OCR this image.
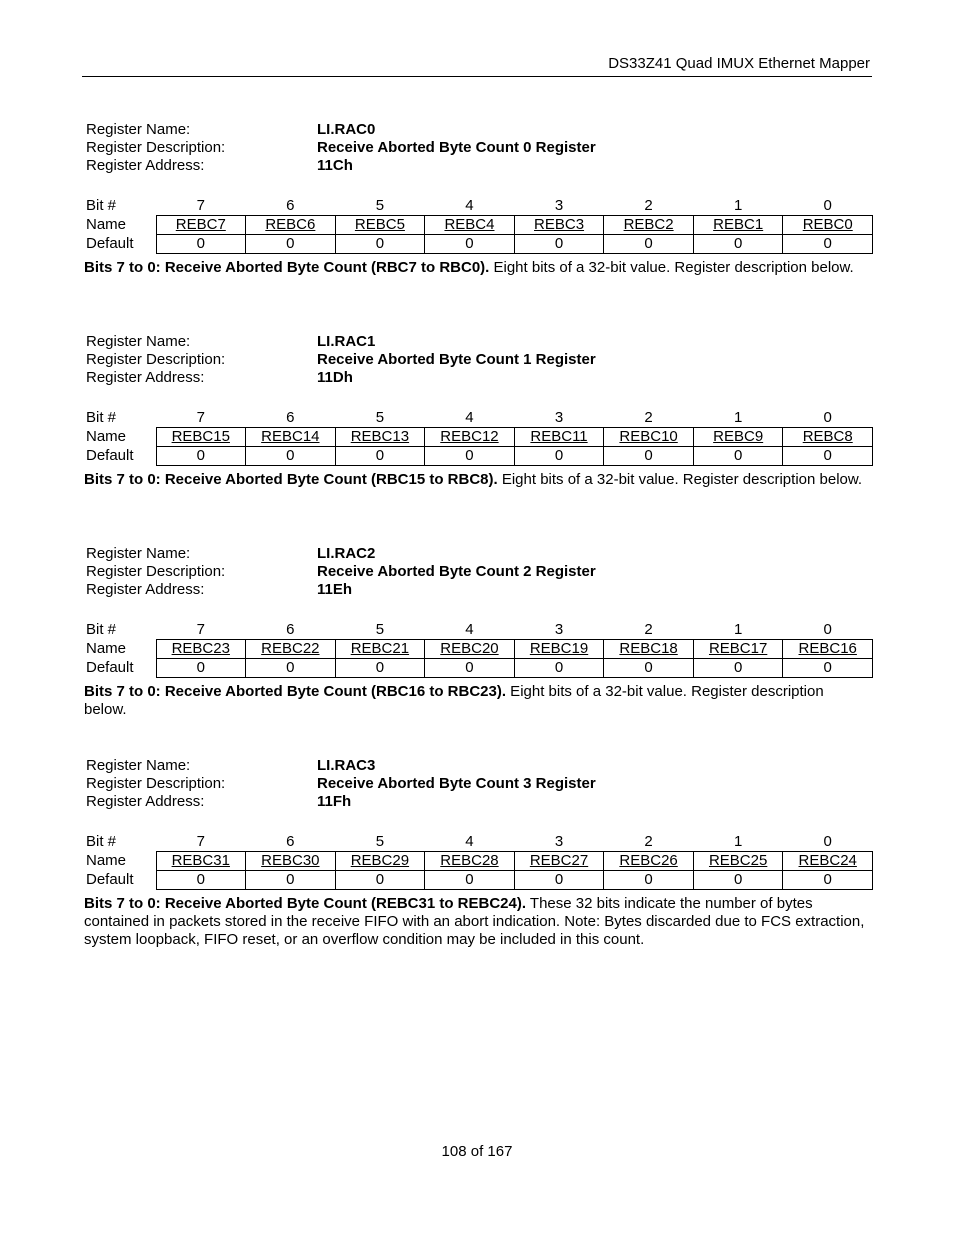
DS33Z41 Quad IMUX Ethernet Mapper
Register Name:	LI.RAC0
Register Description:	Receive Aborted Byte Count 0 Register
Register Address:	11Ch
Bit #	7	6	5	4	3	2	1	0
Name	REBC7	REBC6	REBC5	REBC4	REBC3	REBC2	REBC1	REBC0
Default	0	0	0	0	0	0	0	0
Bits 7 to 0: Receive Aborted Byte Count (RBC7 to RBC0). Eight bits of a 32-bit value. Register description below.
Register Name:	LI.RAC1
Register Description:	Receive Aborted Byte Count 1 Register
Register Address:	11Dh
Bit #	7	6	5	4	3	2	1	0
Name	REBC15	REBC14	REBC13	REBC12	REBC11	REBC10	REBC9	REBC8
Default	0	0	0	0	0	0	0	0
Bits 7 to 0: Receive Aborted Byte Count (RBC15 to RBC8). Eight bits of a 32-bit value. Register description below.
Register Name:	LI.RAC2
Register Description:	Receive Aborted Byte Count 2 Register
Register Address:	11Eh
Bit #	7	6	5	4	3	2	1	0
Name	REBC23	REBC22	REBC21	REBC20	REBC19	REBC18	REBC17	REBC16
Default	0	0	0	0	0	0	0	0
Bits 7 to 0: Receive Aborted Byte Count (RBC16 to RBC23). Eight bits of a 32-bit value. Register description below.
Register Name:	LI.RAC3
Register Description:	Receive Aborted Byte Count 3 Register
Register Address:	11Fh
Bit #	7	6	5	4	3	2	1	0
Name	REBC31	REBC30	REBC29	REBC28	REBC27	REBC26	REBC25	REBC24
Default	0	0	0	0	0	0	0	0
Bits 7 to 0: Receive Aborted Byte Count (REBC31 to REBC24). These 32 bits indicate the number of bytes contained in packets stored in the receive FIFO with an abort indication. Note: Bytes discarded due to FCS extraction, system loopback, FIFO reset, or an overflow condition may be included in this count.
108 of 167
